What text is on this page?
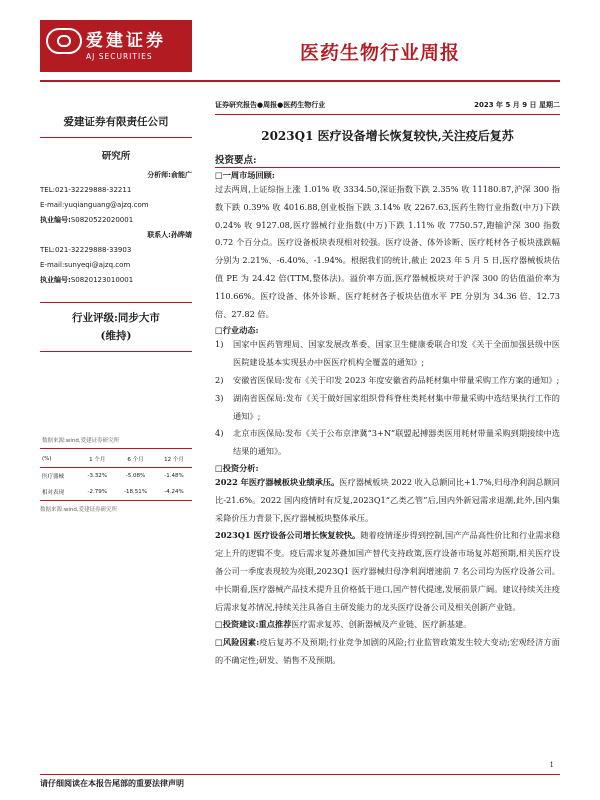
爱建证券
AJ SECURITIES	医药生物行业周报
爱建证券有限责任公司
研究所
分析师:俞能广
TEL:021-32229888-32211
E-mail:yuqianguang@ajzq.com
执业编号:S0820522020001
联系人:孙晔婧
TEL:021-32229888-33903
E-mail:sunyeqi@ajzq.com
执业编号:S0820123010001
行业评级:同步大市
(维持)
数据来源:wind,爱建证券研究所
(%)	1 个月	6 个月	12 个月
医疗器械	-3.32%	-5.08%	-1.48%
相对表现	-2.79%	-18.51%	-4.24%
数据来源:wind,爱建证券研究所
证券研究报告●周报●医药生物行业	2023 年 5 月 9 日 星期二
2023Q1 医疗设备增长恢复较快,关注疫后复苏
投资要点:
□一周市场回顾:

过去两周,上证综指上涨 1.01% 收 3334.50,深证指数下跌 2.35% 收 11180.87,沪深 300 指数下跌 0.39% 收 4016.88,创业板指下跌 3.14% 收 2267.63,医药生物行业指数(中万)下跌 0.24% 收 9127.08,医疗器械行业指数(中万)下跌 1.11% 收 7750.57,跑输沪深 300 指数 0.72 个百分点。医疗设备板块表现相对较强。医疗设备、体外诊断、医疗耗材各子板块涨跌幅分别为 2.21%、-6.40%、-1.94%。根据我们的统计,截止 2023 年 5 月 5 日,医疗器械板块估值 PE 为 24.42 倍(TTM,整体法)。溢价率方面,医疗器械板块对于沪深 300 的估值溢价率为 110.66%。医疗设备、体外诊断、医疗耗材各子板块估值水平 PE 分别为 34.36 倍、12.73 倍、27.82 倍。

□行业动态:
1) 国家中医药管理局、国家发展改革委、国家卫生健康委联合印发《关于全面加强县级中医医院建设基本实现县办中医医疗机构全覆盖的通知》;
2) 安徽省医保局:发布《关于印发 2023 年度安徽省药品耗材集中带量采购工作方案的通知》;
3) 湖南省医保局:发布《关于做好国家组织骨科脊柱类耗材集中带量采购中选结果执行工作的通知》;
4) 北京市医保局:发布《关于公布京津冀“3+N”联盟起搏器类医用耗材带量采购到期接续中选结果的通知》。
□投资分析:

2022 年医疗器械板块业绩承压。医疗器械板块 2022 收入总额同比+1.7%,归母净利润总额同比-21.6%。2022 国内疫情时有反复,2023Q1“乙类乙管”后,国内外新冠需求退潮,此外,国内集采降价压力背景下,医疗器械板块整体承压。

2023Q1 医疗设备公司增长恢复较快。随着疫情逐步得到控制,国产产品高性价比和行业需求稳定上升的逻辑不变。疫后需求复苏叠加国产替代支持政策,医疗设备市场复苏超预期,相关医疗设备公司一季度表现较为亮眼,2023Q1 医疗器械归母净利润增速前 7 名公司均为医疗设备公司。中长期看,医疗器械产品技术提升且价格低于进口,国产替代提速,发展前景广阔。建议持续关注疫后需求复苏情况,持续关注具备自主研发能力的龙头医疗设备公司及相关创新产业链。

□投资建议:重点推荐医疗需求复苏、创新器械及产业链、医疗新基建。

□风险因素:疫后复苏不及预期;行业竞争加剧的风险;行业监管政策发生较大变动;宏观经济方面的不确定性;研发、销售不及预期。

1
请仔细阅读在本报告尾部的重要法律声明
